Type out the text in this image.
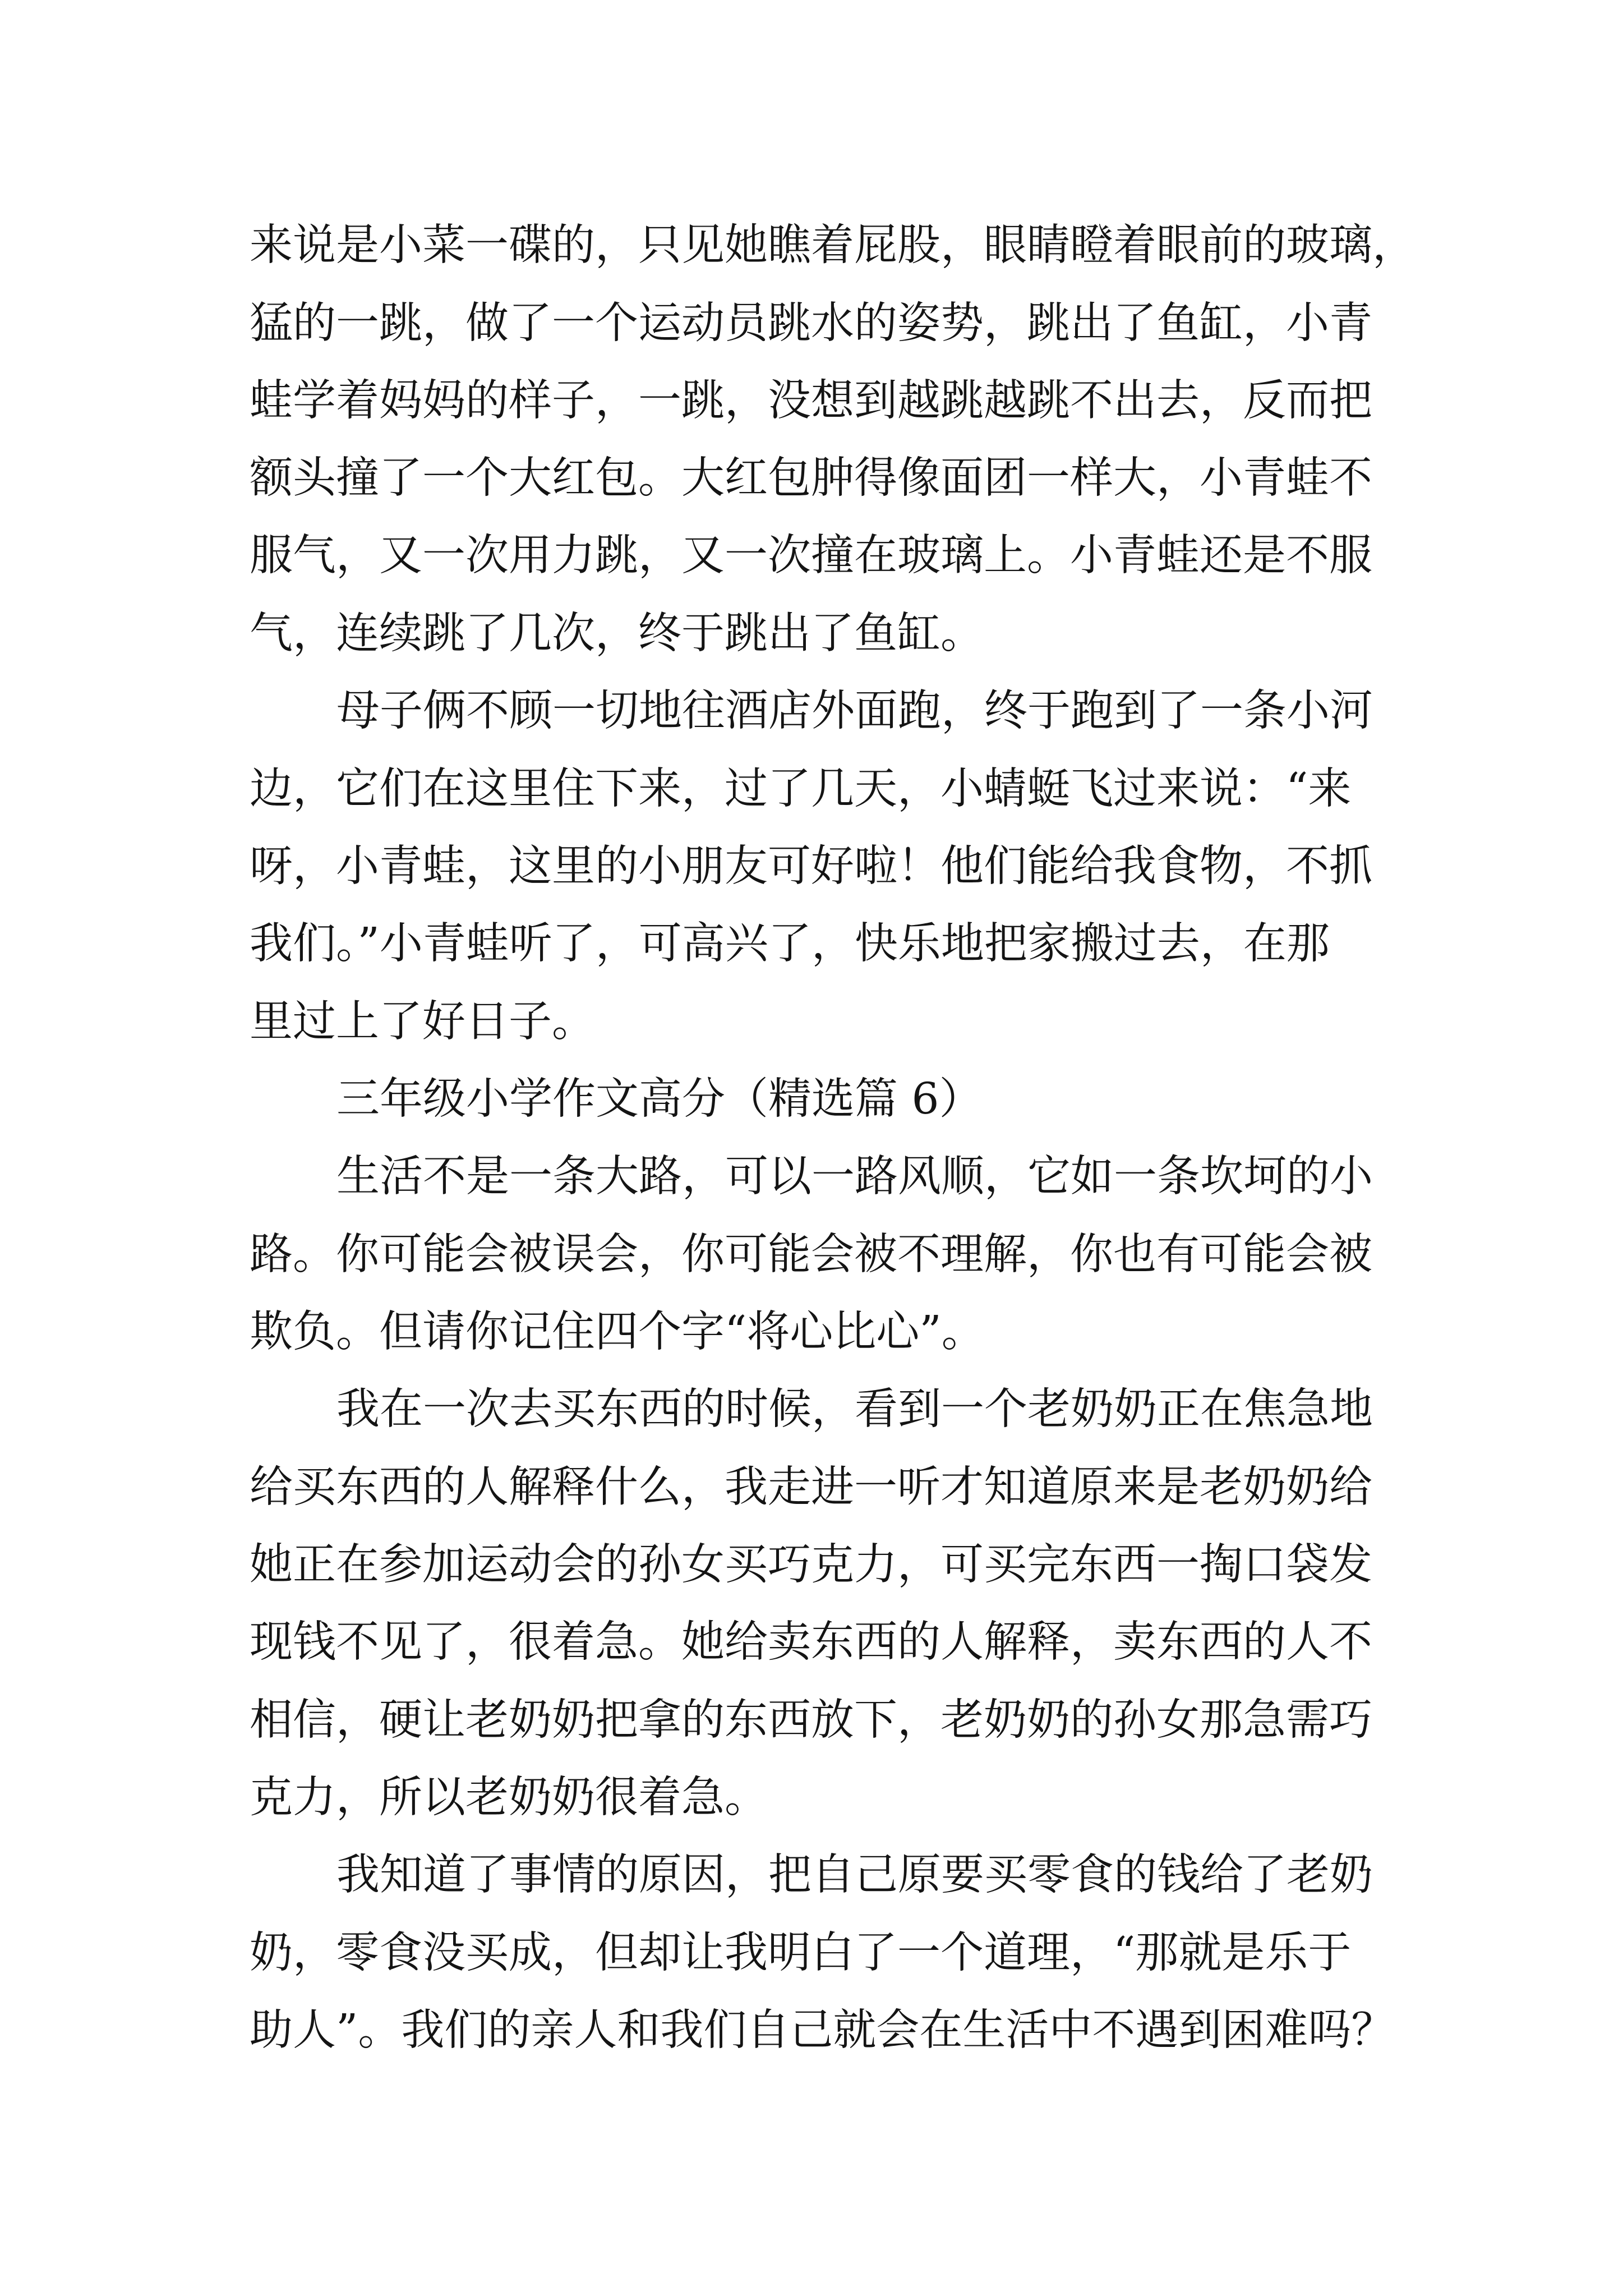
来说是小菜一碟的，只见她瞧着屁股，眼睛瞪着眼前的玻璃，

猛的一跳，做了一个运动员跳水的姿势，跳出了鱼缸，小青

蛙学着妈妈的样子，一跳，没想到越跳越跳不出去，反而把

额头撞了一个大红包。大红包肿得像面团一样大，小青蛙不

服气，又一次用力跳，又一次撞在玻璃上。小青蛙还是不服

气，连续跳了几次，终于跳出了鱼缸。

母子俩不顾一切地往酒店外面跑，终于跑到了一条小河

边，它们在这里住下来，过了几天，小蜻蜓飞过来说：“来

呀，小青蛙，这里的小朋友可好啦！他们能给我食物，不抓

我们。”小青蛙听了，可高兴了，快乐地把家搬过去，在那

里过上了好日子。

三年级小学作文高分（精选篇 6）

生活不是一条大路，可以一路风顺，它如一条坎坷的小

路。你可能会被误会，你可能会被不理解，你也有可能会被

欺负。但请你记住四个字“将心比心”。

我在一次去买东西的时候，看到一个老奶奶正在焦急地

给买东西的人解释什么，我走进一听才知道原来是老奶奶给

她正在参加运动会的孙女买巧克力，可买完东西一掏口袋发

现钱不见了，很着急。她给卖东西的人解释，卖东西的人不

相信，硬让老奶奶把拿的东西放下，老奶奶的孙女那急需巧

克力，所以老奶奶很着急。

我知道了事情的原因，把自己原要买零食的钱给了老奶

奶，零食没买成，但却让我明白了一个道理，“那就是乐于

助人”。我们的亲人和我们自己就会在生活中不遇到困难吗？
